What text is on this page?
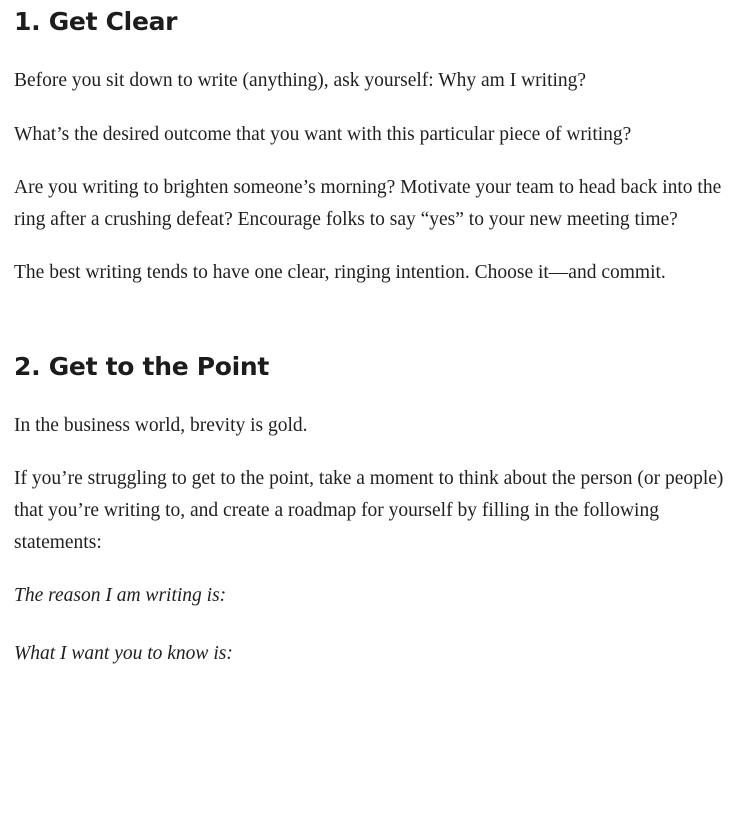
1. Get Clear

Before you sit down to write (anything), ask yourself: Why am I writing?

What’s the desired outcome that you want with this particular piece of writing?

Are you writing to brighten someone’s morning? Motivate your team to head back into the ring after a crushing defeat? Encourage folks to say “yes” to your new meeting time?

The best writing tends to have one clear, ringing intention. Choose it—and commit.

2. Get to the Point

In the business world, brevity is gold.

If you’re struggling to get to the point, take a moment to think about the person (or people) that you’re writing to, and create a roadmap for yourself by filling in the following statements:

The reason I am writing is:

What I want you to know is:
